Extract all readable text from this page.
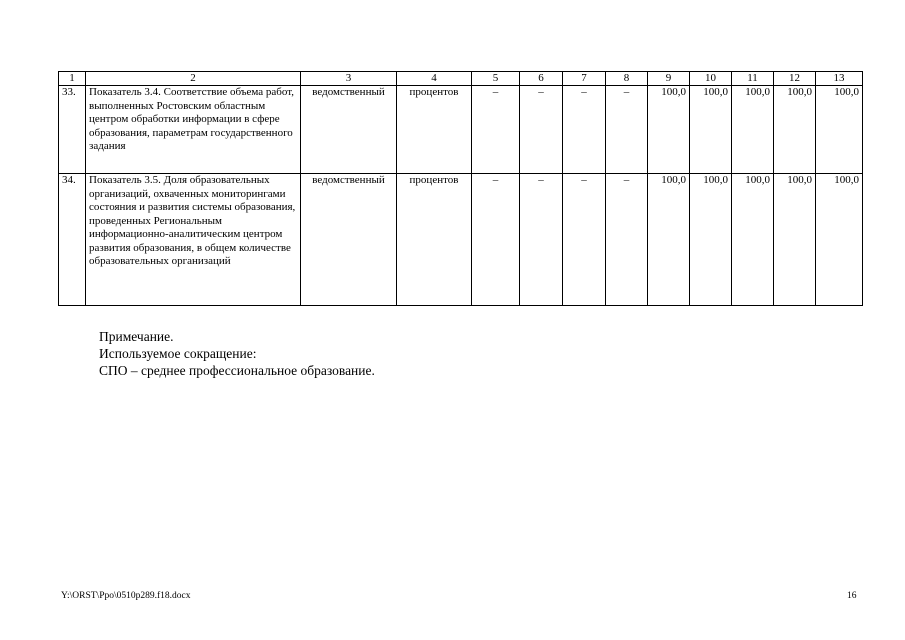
1	2	3	4	5	6	7	8	9	10	11	12	13
33.	Показатель 3.4. Соответствие объема работ, выполненных Ростовским областным центром обработки информации в сфере образования, параметрам государственного задания	ведомственный	процентов	–	–	–	–	100,0	100,0	100,0	100,0	100,0
34.	Показатель 3.5. Доля образовательных организаций, охваченных мониторингами состояния и развития системы образования, проведенных Региональным информационно-аналитическим центром развития образования, в общем количестве образовательных организаций	ведомственный	процентов	–	–	–	–	100,0	100,0	100,0	100,0	100,0
Примечание.
Используемое сокращение:
СПО – среднее профессиональное образование.
Y:\ORST\Ppo\0510p289.f18.docx	16
